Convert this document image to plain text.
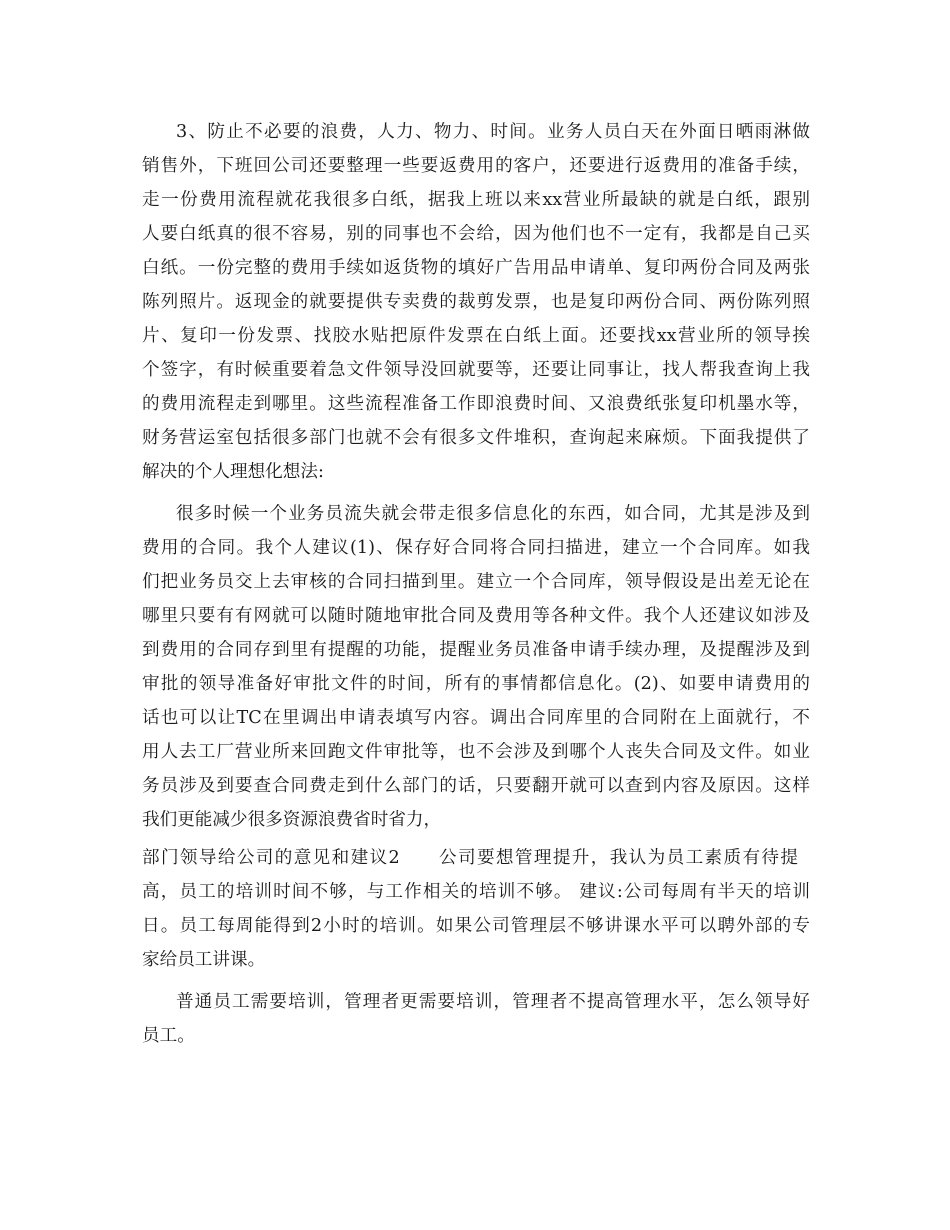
3、防止不必要的浪费，人力、物力、时间。业务人员白天在外面日晒雨淋做
销售外，下班回公司还要整理一些要返费用的客户，还要进行返费用的准备手续，
走一份费用流程就花我很多白纸，据我上班以来xx营业所最缺的就是白纸，跟别
人要白纸真的很不容易，别的同事也不会给，因为他们也不一定有，我都是自己买
白纸。一份完整的费用手续如返货物的填好广告用品申请单、复印两份合同及两张
陈列照片。返现金的就要提供专卖费的裁剪发票，也是复印两份合同、两份陈列照
片、复印一份发票、找胶水贴把原件发票在白纸上面。还要找xx营业所的领导挨
个签字，有时候重要着急文件领导没回就要等，还要让同事让，找人帮我查询上我
的费用流程走到哪里。这些流程准备工作即浪费时间、又浪费纸张复印机墨水等，
财务营运室包括很多部门也就不会有很多文件堆积，查询起来麻烦。下面我提供了
解决的个人理想化想法:
很多时候一个业务员流失就会带走很多信息化的东西，如合同，尤其是涉及到
费用的合同。我个人建议(1)、保存好合同将合同扫描进，建立一个合同库。如我
们把业务员交上去审核的合同扫描到里。建立一个合同库，领导假设是出差无论在
哪里只要有有网就可以随时随地审批合同及费用等各种文件。我个人还建议如涉及
到费用的合同存到里有提醒的功能，提醒业务员准备申请手续办理，及提醒涉及到
审批的领导准备好审批文件的时间，所有的事情都信息化。(2)、如要申请费用的
话也可以让TC在里调出申请表填写内容。调出合同库里的合同附在上面就行，不
用人去工厂营业所来回跑文件审批等，也不会涉及到哪个人丧失合同及文件。如业
务员涉及到要查合同费走到什么部门的话，只要翻开就可以查到内容及原因。这样
我们更能减少很多资源浪费省时省力，
部门领导给公司的意见和建议2　　公司要想管理提升，我认为员工素质有待提
高，员工的培训时间不够，与工作相关的培训不够。 建议:公司每周有半天的培训
日。员工每周能得到2小时的培训。如果公司管理层不够讲课水平可以聘外部的专
家给员工讲课。
普通员工需要培训，管理者更需要培训，管理者不提高管理水平，怎么领导好
员工。
